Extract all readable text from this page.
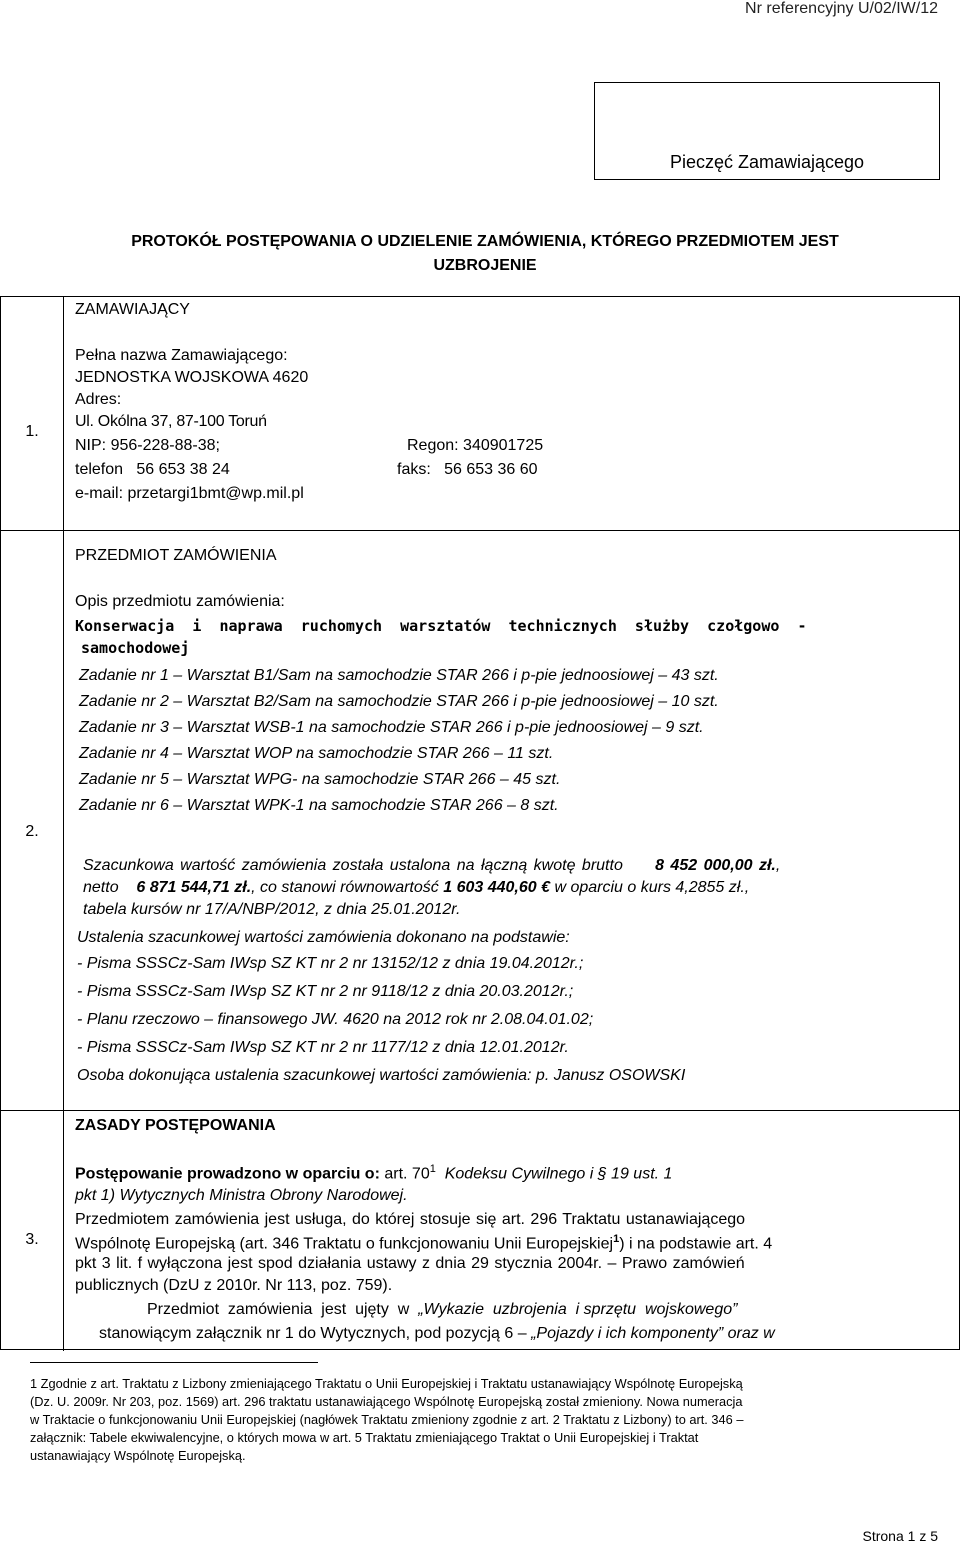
Nr referencyjny U/02/IW/12
Pieczęć Zamawiającego
PROTOKÓŁ POSTĘPOWANIA O UDZIELENIE ZAMÓWIENIA, KTÓREGO PRZEDMIOTEM JEST
UZBROJENIE
1.
ZAMAWIAJĄCY
Pełna nazwa Zamawiającego:
JEDNOSTKA WOJSKOWA 4620
Adres:
Ul. Okólna 37, 87-100 Toruń
NIP: 956-228-88-38;	Regon: 340901725
telefon   56 653 38 24	faks:   56 653 36 60
e-mail: przetargi1bmt@wp.mil.pl
2.
PRZEDMIOT ZAMÓWIENIA
Opis przedmiotu zamówienia:
Konserwacja  i  naprawa  ruchomych  warsztatów  technicznych  służby  czołgowo  -
samochodowej
Zadanie nr 1 – Warsztat B1/Sam na samochodzie STAR 266 i p-pie jednoosiowej – 43 szt.
Zadanie nr 2 – Warsztat B2/Sam na samochodzie STAR 266 i p-pie jednoosiowej – 10 szt.
Zadanie nr 3 – Warsztat WSB-1 na samochodzie STAR 266 i p-pie jednoosiowej – 9 szt.
Zadanie nr 4 – Warsztat WOP na samochodzie STAR 266 – 11 szt.
Zadanie nr 5 – Warsztat WPG- na samochodzie STAR 266 – 45 szt.
Zadanie nr 6 – Warsztat WPK-1 na samochodzie STAR 266 – 8 szt.
Szacunkowa wartość zamówienia została ustalona na łączną kwotę brutto 8 452 000,00 zł.,
netto 6 871 544,71 zł., co stanowi równowartość 1 603 440,60 € w oparciu o kurs 4,2855 zł.,
tabela kursów nr 17/A/NBP/2012, z dnia 25.01.2012r.
Ustalenia szacunkowej wartości zamówienia dokonano na podstawie:
- Pisma SSSCz-Sam IWsp SZ KT nr 2 nr 13152/12 z dnia 19.04.2012r.;
- Pisma SSSCz-Sam IWsp SZ KT nr 2 nr 9118/12 z dnia 20.03.2012r.;
- Planu rzeczowo – finansowego JW. 4620 na 2012 rok nr 2.08.04.01.02;
- Pisma SSSCz-Sam IWsp SZ KT nr 2 nr 1177/12 z dnia 12.01.2012r.
Osoba dokonująca ustalenia szacunkowej wartości zamówienia: p. Janusz OSOWSKI
3.
ZASADY POSTĘPOWANIA
Postępowanie prowadzono w oparciu o: art. $70^1$ Kodeksu Cywilnego i § 19 ust. 1
pkt 1) Wytycznych Ministra Obrony Narodowej.
Przedmiotem zamówienia jest usługa, do której stosuje się art. 296 Traktatu ustanawiającego
Wspólnotę Europejską (art. 346 Traktatu o funkcjonowaniu Unii Europejskiej$^1$) i na podstawie art. 4
pkt 3 lit. f wyłączona jest spod działania ustawy z dnia 29 stycznia 2004r. – Prawo zamówień
publicznych (DzU z 2010r. Nr 113, poz. 759).
Przedmiot  zamówienia  jest  ujęty  w „Wykazie  uzbrojenia  i sprzętu  wojskowego”
stanowiącym załącznik nr 1 do Wytycznych, pod pozycją 6 – „Pojazdy i ich komponenty” oraz w
1 Zgodnie z art. Traktatu z Lizbony zmieniającego Traktatu o Unii Europejskiej i Traktatu ustanawiający Wspólnotę Europejską
(Dz. U. 2009r. Nr 203, poz. 1569) art. 296 traktatu ustanawiającego Wspólnotę Europejską został zmieniony. Nowa numeracja
w Traktacie o funkcjonowaniu Unii Europejskiej (nagłówek Traktatu zmieniony zgodnie z art. 2 Traktatu z Lizbony) to art. 346 –
załącznik: Tabele ekwiwalencyjne, o których mowa w art. 5 Traktatu zmieniającego Traktat o Unii Europejskiej i Traktat
ustanawiający Wspólnotę Europejską.
Strona 1 z 5
